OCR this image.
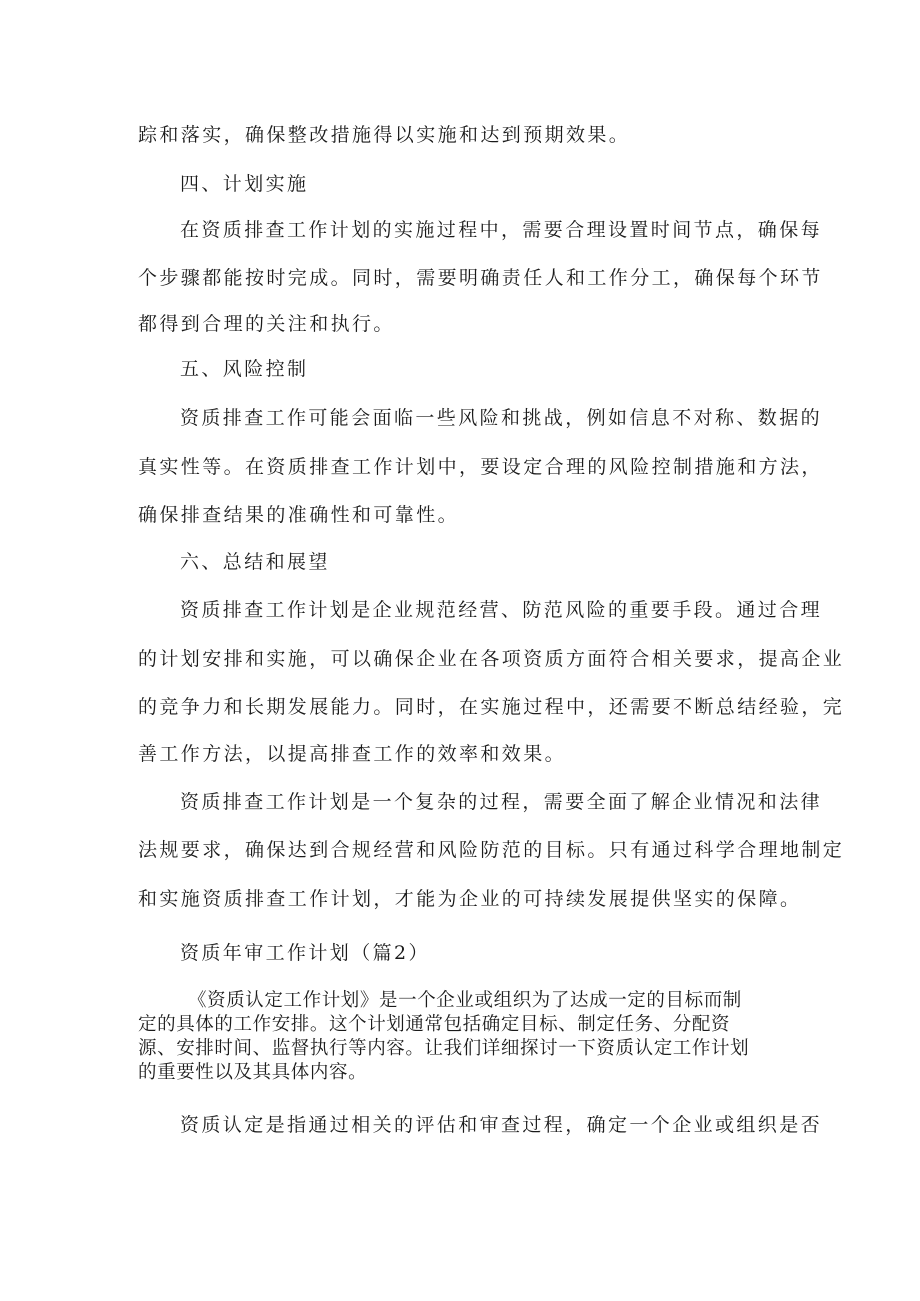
踪和落实，确保整改措施得以实施和达到预期效果。
四、计划实施
在资质排查工作计划的实施过程中，需要合理设置时间节点，确保每
个步骤都能按时完成。同时，需要明确责任人和工作分工，确保每个环节
都得到合理的关注和执行。
五、风险控制
资质排查工作可能会面临一些风险和挑战，例如信息不对称、数据的
真实性等。在资质排查工作计划中，要设定合理的风险控制措施和方法，
确保排查结果的准确性和可靠性。
六、总结和展望
资质排查工作计划是企业规范经营、防范风险的重要手段。通过合理
的计划安排和实施，可以确保企业在各项资质方面符合相关要求，提高企业
的竞争力和长期发展能力。同时，在实施过程中，还需要不断总结经验，完
善工作方法，以提高排查工作的效率和效果。
资质排查工作计划是一个复杂的过程，需要全面了解企业情况和法律
法规要求，确保达到合规经营和风险防范的目标。只有通过科学合理地制定
和实施资质排查工作计划，才能为企业的可持续发展提供坚实的保障。
资质年审工作计划（篇2）
《资质认定工作计划》是一个企业或组织为了达成一定的目标而制
定的具体的工作安排。这个计划通常包括确定目标、制定任务、分配资
源、安排时间、监督执行等内容。让我们详细探讨一下资质认定工作计划
的重要性以及其具体内容。
资质认定是指通过相关的评估和审查过程，确定一个企业或组织是否
